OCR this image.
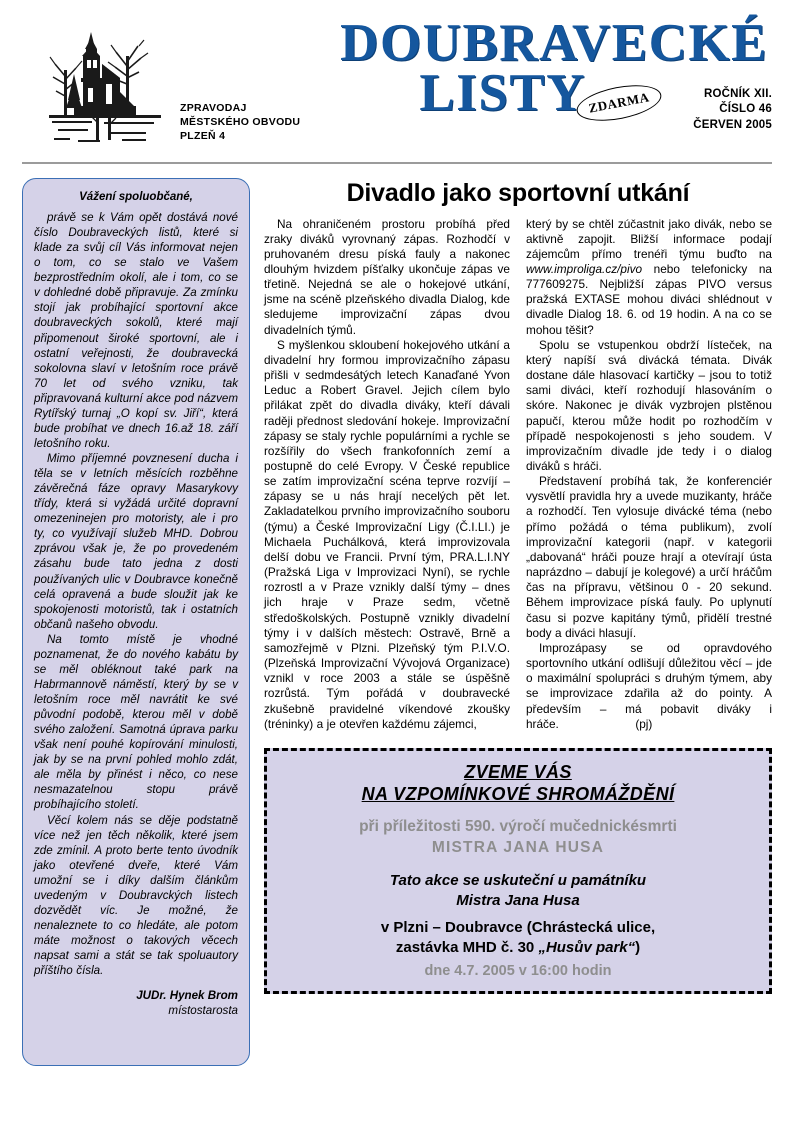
ZPRAVODAJ
MĚSTSKÉHO OBVODU
PLZEŇ 4
DOUBRAVECKÉ
LISTY ZDARMA	ROČNÍK XII.
ČÍSLO 46
ČERVEN 2005
Vážení spoluobčané,

právě se k Vám opět dostává nové číslo Doubraveckých listů, které si klade za svůj cíl Vás informovat nejen o tom, co se stalo ve Vašem bezprostředním okolí, ale i tom, co se v dohledné době připravuje. Za zmínku stojí jak probíhající sportovní akce doubraveckých sokolů, které mají připomenout široké sportovní, ale i ostatní veřejnosti, že doubravecká sokolovna slaví v letošním roce právě 70 let od svého vzniku, tak připravovaná kulturní akce pod názvem Rytířský turnaj „O kopí sv. Jiří“, která bude probíhat ve dnech 16.až 18. září letošního roku.

Mimo příjemné povznesení ducha i těla se v letních měsících rozběhne závěrečná fáze opravy Masarykovy třídy, která si vyžádá určité dopravní omezeninejen pro motoristy, ale i pro ty, co využívají služeb MHD. Dobrou zprávou však je, že po provedeném zásahu bude tato jedna z dosti používaných ulic v Doubravce konečně celá opravená a bude sloužit jak ke spokojenosti motoristů, tak i ostatních občanů našeho obvodu.

Na tomto místě je vhodné poznamenat, že do nového kabátu by se měl obléknout také park na Habrmannově náměstí, který by se v letošním roce měl navrátit ke své původní podobě, kterou měl v době svého založení. Samotná úprava parku však není pouhé kopírování minulosti, jak by se na první pohled mohlo zdát, ale měla by přinést i něco, co nese nesmazatelnou stopu právě probíhajícího století.

Věcí kolem nás se děje podstatně více než jen těch několik, které jsem zde zmínil. A proto berte tento úvodník jako otevřené dveře, které Vám umožní se i díky dalším článkům uvedeným v Doubravckých listech dozvědět víc. Je možné, že nenaleznete to co hledáte, ale potom máte možnost o takových věcech napsat sami a stát se tak spoluautory příštího čísla.

JUDr. Hynek Brom
místostarosta
Divadlo jako sportovní utkání

Na ohraničeném prostoru probíhá před zraky diváků vyrovnaný zápas. Rozhodčí v pruhovaném dresu píská fauly a nakonec dlouhým hvizdem píšťalky ukončuje zápas ve třetině. Nejedná se ale o hokejové utkání, jsme na scéně plzeňského divadla Dialog, kde sledujeme improvizační zápas dvou divadelních týmů.

S myšlenkou skloubení hokejového utkání a divadelní hry formou improvizačního zápasu přišli v sedmdesátých letech Kanaďané Yvon Leduc a Robert Gravel. Jejich cílem bylo přilákat zpět do divadla diváky, kteří dávali raději přednost sledování hokeje. Improvizační zápasy se staly rychle populárními a rychle se rozšířily do všech frankofonních zemí a postupně do celé Evropy. V České republice se zatím improvizační scéna teprve rozvíjí – zápasy se u nás hrají necelých pět let. Zakladatelkou prvního improvizačního souboru (týmu) a České Improvizační Ligy (Č.I.LI.) je Michaela Puchálková, která improvizovala delší dobu ve Francii. První tým, PRA.L.I.NY (Pražská Liga v Improvizaci Nyní), se rychle rozrostl a v Praze vznikly další týmy – dnes jich hraje v Praze sedm, včetně středoškolských. Postupně vznikly divadelní týmy i v dalších městech: Ostravě, Brně a samozřejmě v Plzni. Plzeňský tým P.I.V.O. (Plzeňská Improvizační Vývojová Organizace) vznikl v roce 2003 a stále se úspěšně rozrůstá. Tým pořádá v doubravecké zkušebně pravidelné víkendové zkoušky (tréninky) a je otevřen každému zájemci,

který by se chtěl zúčastnit jako divák, nebo se aktivně zapojit. Bližší informace podají zájemcům přímo trenéři týmu buďto na www.improliga.cz/pivo nebo telefonicky na 777609275. Nejbližší zápas PIVO versus pražská EXTASE mohou diváci shlédnout v divadle Dialog 18. 6. od 19 hodin. A na co se mohou těšit?

Spolu se vstupenkou obdrží lísteček, na který napíší svá divácká témata. Divák dostane dále hlasovací kartičky – jsou to totiž sami diváci, kteří rozhodují hlasováním o skóre. Nakonec je divák vyzbrojen plstěnou papučí, kterou může hodit po rozhodčím v případě nespokojenosti s jeho soudem. V improvizačním divadle jde tedy i o dialog diváků s hráči.

Představení probíhá tak, že konferenciér vysvětlí pravidla hry a uvede muzikanty, hráče a rozhodčí. Ten vylosuje divácké téma (nebo přímo požádá o téma publikum), zvolí improvizační kategorii (např. v kategorii „dabovaná“ hráči pouze hrají a otevírají ústa naprázdno – dabují je kolegové) a určí hráčům čas na přípravu, většinou 0 - 20 sekund. Během improvizace píská fauly. Po uplynutí času si pozve kapitány týmů, přidělí trestné body a diváci hlasují.

Improzápasy se od opravdového sportovního utkání odlišují důležitou věcí – jde o maximální spolupráci s druhým týmem, aby se improvizace zdařila až do pointy. A především – má pobavit diváky i hráče.	(pj)

ZVEME VÁS
NA VZPOMÍNKOVÉ SHROMÁŽDĚNÍ
při příležitosti 590. výročí mučednickésmrti
MISTRA JANA HUSA
Tato akce se uskuteční u památníku
Mistra Jana Husa
v Plzni – Doubravce (Chrástecká ulice,
zastávka MHD č. 30 „Husův park“)
dne 4.7. 2005 v 16:00 hodin
